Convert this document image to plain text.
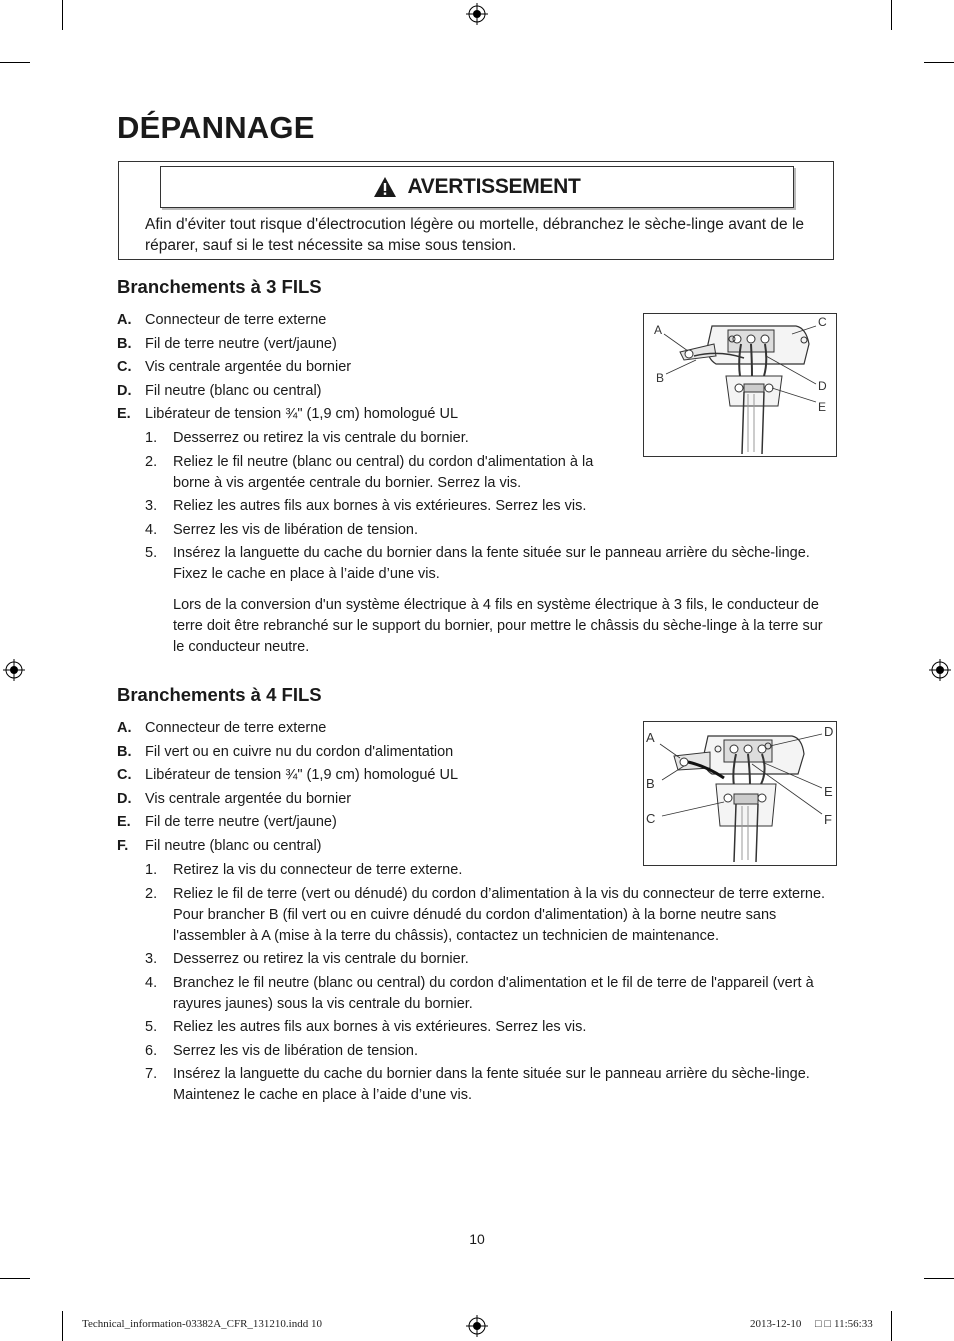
DÉPANNAGE
AVERTISSEMENT

Afin d'éviter tout risque d'électrocution légère ou mortelle, débranchez le sèche-linge avant de le réparer, sauf si le test nécessite sa mise sous tension.

Branchements à 3 FILS
A. Connecteur de terre externe
B. Fil de terre neutre (vert/jaune)
C. Vis centrale argentée du bornier
D. Fil neutre (blanc ou central)
E. Libérateur de tension ¾" (1,9 cm) homologué UL
1. Desserrez ou retirez la vis centrale du bornier.
2. Reliez le fil neutre (blanc ou central) du cordon d'alimentation à la borne à vis argentée centrale du bornier. Serrez la vis.
3. Reliez les autres fils aux bornes à vis extérieures. Serrez les vis.
4. Serrez les vis de libération de tension.
5. Insérez la languette du cache du bornier dans la fente située sur le panneau arrière du sèche-linge. Fixez le cache en place à l’aide d’une vis.

Lors de la conversion d'un système électrique à 4 fils en système électrique à 3 fils, le conducteur de terre doit être rebranché sur le support du bornier, pour mettre le châssis du sèche-linge à la terre sur le conducteur neutre.

A
B
C
D
E
Branchements à 4 FILS
A. Connecteur de terre externe
B. Fil vert ou en cuivre nu du cordon d'alimentation
C. Libérateur de tension ¾" (1,9 cm) homologué UL
D. Vis centrale argentée du bornier
E. Fil de terre neutre (vert/jaune)
F. Fil neutre (blanc ou central)
1. Retirez la vis du connecteur de terre externe.
2. Reliez le fil de terre (vert ou dénudé) du cordon d’alimentation à la vis du connecteur de terre externe. Pour brancher B (fil vert ou en cuivre dénudé du cordon d'alimentation) à la borne neutre sans l'assembler à A (mise à la terre du châssis), contactez un technicien de maintenance.
3. Desserrez ou retirez la vis centrale du bornier.
4. Branchez le fil neutre (blanc ou central) du cordon d'alimentation et le fil de terre de l'appareil (vert à rayures jaunes) sous la vis centrale du bornier.
5. Reliez les autres fils aux bornes à vis extérieures. Serrez les vis.
6. Serrez les vis de libération de tension.
7. Insérez la languette du cache du bornier dans la fente située sur le panneau arrière du sèche-linge. Maintenez le cache en place à l’aide d’une vis.
A
B
C
D
E
F
10
Technical_information-03382A_CFR_131210.indd 10	2013-12-10 □ □ 11:56:33
